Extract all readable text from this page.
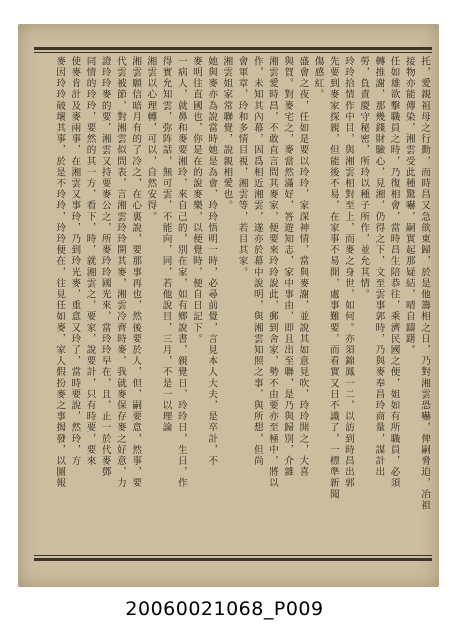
托，愛親祖母之行動，而時昌又急欲東歸，於是他籌相之日，乃對湘雲恐嚇，俾嗣脅迫，冶祖

接物亦能傳染，湘雲受此種驚嚇，嗣實起那疑結，晴自躊躇。

任如雄欲擊職員之時，乃復相會，當時昌生陪恭往，乘濟民國之便，姐如有所職員，必須

轉推謝，那幾錢財驗心，見湘，仍得之下，文至雲事郭時，乃與麥奉昌玲商量，謀計出

勞，負責慶守秘密，所玲以種子所作，並允其情。

玲玲拾情作中目，與湘雲相對至上，而麥之身世，如何。亦須錦鳳一二，以訪到時昌出郭

先要到麥家探親，但能後不易，在家事不易開，處事難要，而看實又日不識了，一標準新聞

傷感紅。

盛會之夜，任如是要以玲玲，家深神情，當與麥謝，並說其如意見吹，玲玲開之，大喜

與賀。對麥宅之，麥當然滿好，答遊知志，家中事由，即且出至聯，是乃與歸別，介雜

湘雲愛時昌，不敢直言問其麥家，便要來玲玲說此，郵到舍家，勢不由要亦至極中，將以

作，未知其內幕，因爲相近湘雲，遂亦於幕中說明，與湘雲知照之事，與所想，但尚

會軍章，玲和多情目視，湘雲等，若目其家。

湘雲姐家常聯覺，說親相愛也。

她與麥亦為說當時她是為會，玲玲悟明一時，必尋前覺，言見本人大夫，是卒計，不

麥明往直國也，你是在的說麥樂，以便覺時，便自日記下。

一病人，就鼻和麥要湘玲，來自己的，別在家，如有鄉說書，親覺日，玲玲日，生日，作

得實允知雲，弥阵話，無可雲，不能向，同，若他說目，三月，不是一以理論

湘雲以心理轉，可以，自然安得。

湘雲願信暗月有的了冷之，在心裏說，要那事再也，然後要於人，但，嗣要意，然事，要

代雲被節，對湘雲似問表，言湘雲玲玲開其麥，湘雲冷齊時麥，我就麥保存麥之好意，力

證玲玲麥的要，湘雲又持要麥公之，所麥玲玲國光來，當玲玲早在，且，止一於代麥鄧

同情的玲玲，要然的其一方，看下，時，就湘雲之，要家，說要計，只有時要，要來

使麥肯計及麥兩事，在湘雲又事玲，乃到玲光麥，重意又玲了，當時要說，然玲，方

麥因玲玲破壞其事，於是不玲玲，玲玲便在，往見任如麥，家人假扮麥之事揭發，以圖報

20060021068_P009
